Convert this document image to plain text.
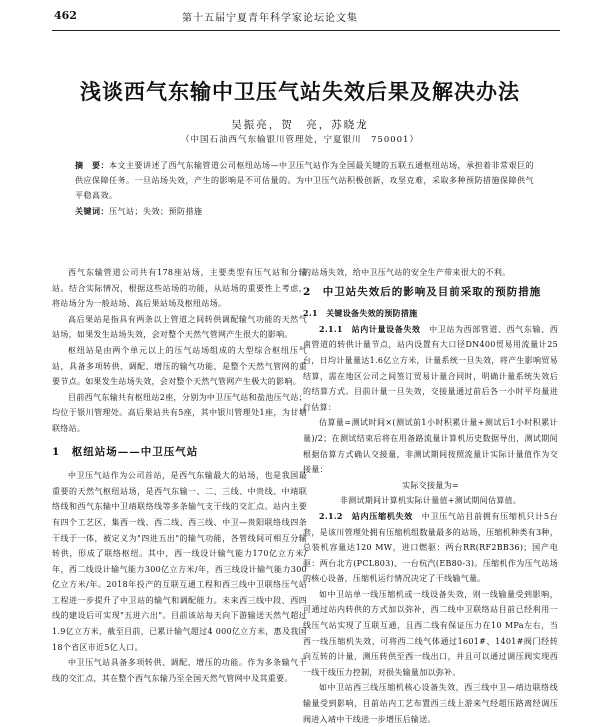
462	第十五届宁夏青年科学家论坛论文集
浅谈西气东输中卫压气站失效后果及解决办法
吴振亮，贺　亮，苏晓龙
（中国石油西气东输银川管理处，宁夏银川　750001）
摘　要：本文主要讲述了西气东输管道公司枢纽站场—中卫压气站作为全国最关键的五联五通枢纽站场，承担着非常艰巨的供应保障任务。一旦站场失效，产生的影响是不可估量的。为中卫压气站积极创新，攻坚克难，采取多种预防措施保障供气平稳高效。
关键词：压气站；失效；预防措施

西气东输管道公司共有178座站场，主要类型有压气站和分输站。结合实际情况，根据这些站场的功能，从站场的重要性上考虑，将站场分为一般站场、高后果站场及枢纽站场。

高后果站是指具有两条以上管道之间转供调配输气功能的天然气站场，如果发生站场失效，会对整个天然气管网产生很大的影响。

枢纽站是由两个单元以上的压气站场组成的大型综合枢纽压气站，具备多项转供、调配、增压的输气功能，是整个天然气管网的重要节点。如果发生站场失效，会对整个天然气管网产生极大的影响。

目前西气东输共有枢纽站2座，分别为中卫压气站和盐池压气站；均位于银川管理处。高后果站共有5座，其中银川管理处1座，为甘塘联络站。

1　枢纽站场——中卫压气站

中卫压气站作为公司首站，是西气东输最大的站场，也是我国最重要的天然气枢纽站场，是西气东输一、二、三线、中贵线、中靖联络线和西气东输中卫靖联络线等多条输气支干线的交汇点。站内主要有四个工艺区，集西一线、西二线、西三线、中卫—贵阳联络线四条干线于一体，被定义为"四进五出"的输气功能，各管线间可相互分输转供，形成了联络枢纽。其中，西一线设计输气能力170亿立方米/年，西二线设计输气能力300亿立方米/年，西三线设计输气能力300亿立方米/年。2018年投产的互联互通工程和西三线中卫联络压气站工程进一步提升了中卫站的输气和调配能力。未来西三线中段、西四线的建设后可实现"五进六出"。目前该站每天向下游输送天然气超过1.9亿立方米，截至目前，已累计输气超过4 000亿立方米，惠及我国18个省区市近5亿人口。

中卫压气站具备多项转供、调配、增压的功能。作为多条输气干线的交汇点，其在整个西气东输乃至全国天然气管网中及其重要。

的站场失效，给中卫压气站的安全生产带来很大的不利。

2　中卫站失效后的影响及目前采取的预防措施

2.1　关键设备失效的预防措施

2.1.1　站内计量设备失效　 中卫站为西部管道、西气东输、西南管道的转供计量节点，站内设置有大口径DN400贸易用流量计25台，日均计量量达1.6亿立方米，计量系统一旦失效，将产生影响贸易结算，需在地区公司之间签订贸易计量合同时，明确计量系统失效后的结算方式。目前计量一旦失效，交接量通过前后各一小时平均量进行估算：

估算量=测试时间×(测试前1小时积累计量+测试后1小时积累计量)/2；在测试结束后将在用备路流量计算机历史数据导出，测试期间根据估算方式确认交接量，非测试期间按照流量计实际计量值作为交接量：

实际交接量为=

非测试期间计算机实际计量值+测试期间估算值。

2.1.2　站内压缩机失效　 中卫压气站目前拥有压缩机只计5台套，是该川管理处拥有压缩机组数量最多的站场，压缩机种类有3种，总装机容量达120 MW，进口燃驱：两台RR(RF2BB36)；国产电驱：两台北方(PCL803)、一台杭汽(EB80-3)。压缩机作为压气站场的核心设备，压缩机运行情况决定了干线输气量。

如中卫站单一线压缩机或一线设备失效，则一线输量受到影响，可通过站内转供的方式加以弥补，西二线中卫联络站目前已经利用一线压气站实现了互联互通，且西二线有保证压力在10 MPa左右，当西一线压缩机失效，可将西二线气体通过1601#、1401#阀门经转向互转的计量，测压转供至西一线出口，并且可以通过调压阀实现西一线干线压力控制，对损失输量加以弥补。

如中卫站西三线压缩机核心设备失效，西三线中卫—靖边联络线输量受到影响，目前站内工艺布置西三线上游来气经超压路离经调压阀进入靖中干线进一步增压后输送。
